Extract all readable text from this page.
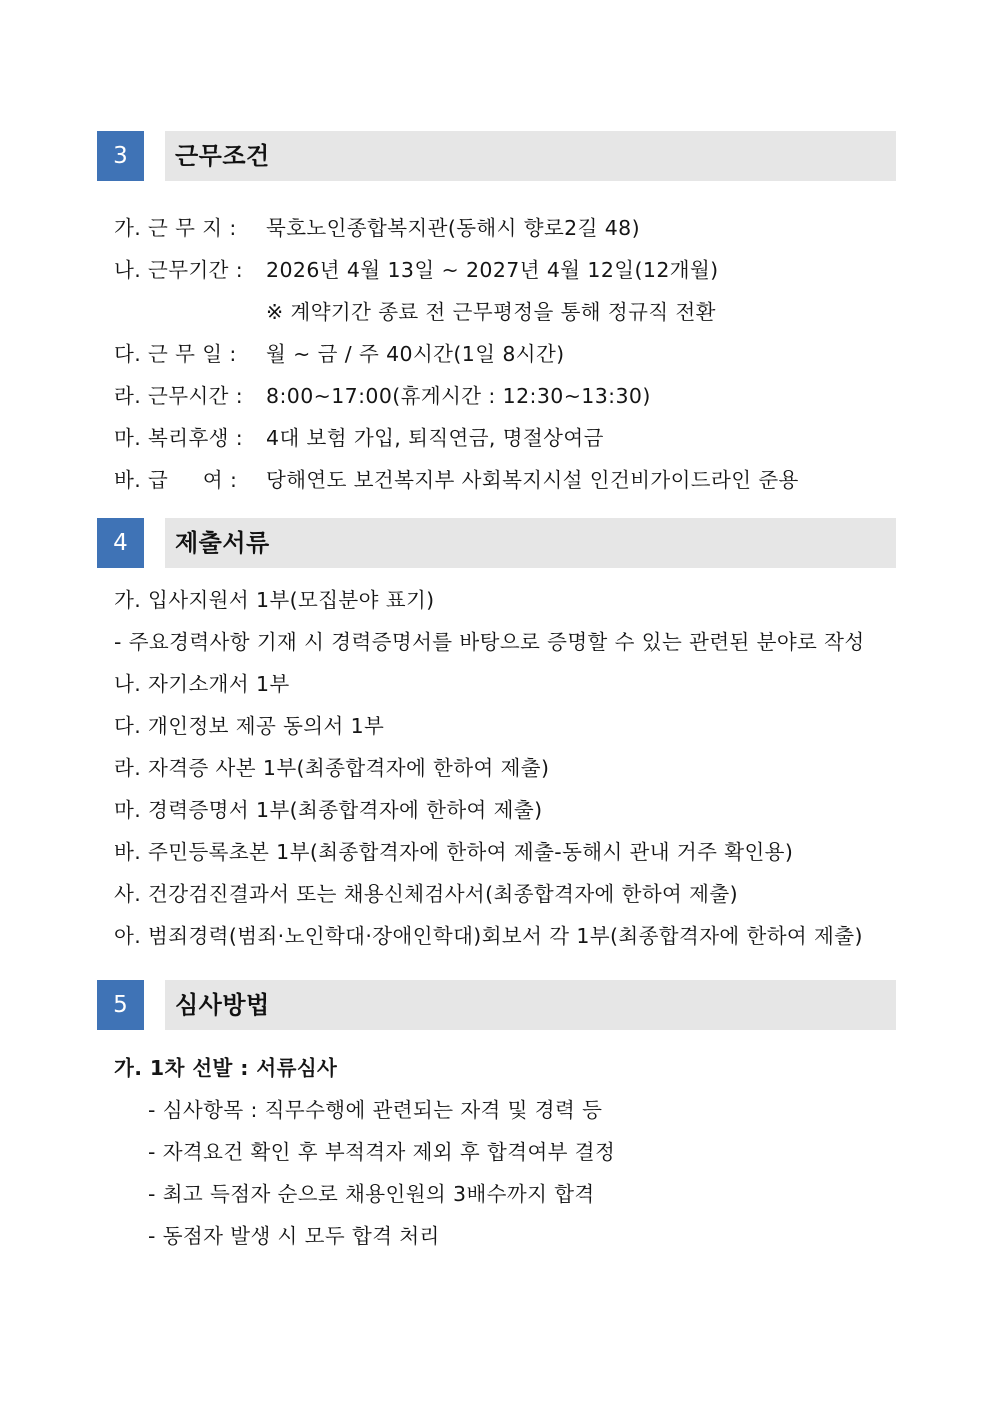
3	근무조건
가. 근 무 지 : 묵호노인종합복지관(동해시 향로2길 48)
나. 근무기간 : 2026년 4월 13일 ~ 2027년 4월 12일(12개월)
※ 계약기간 종료 전 근무평정을 통해 정규직 전환
다. 근 무 일 : 월 ~ 금 / 주 40시간(1일 8시간)
라. 근무시간 : 8:00~17:00(휴게시간 : 12:30~13:30)
마. 복리후생 : 4대 보험 가입, 퇴직연금, 명절상여금
바. 급     여 : 당해연도 보건복지부 사회복지시설 인건비가이드라인 준용
4	제출서류
가. 입사지원서 1부(모집분야 표기)
- 주요경력사항 기재 시 경력증명서를 바탕으로 증명할 수 있는 관련된 분야로 작성
나. 자기소개서 1부
다. 개인정보 제공 동의서 1부
라. 자격증 사본 1부(최종합격자에 한하여 제출)
마. 경력증명서 1부(최종합격자에 한하여 제출)
바. 주민등록초본 1부(최종합격자에 한하여 제출-동해시 관내 거주 확인용)
사. 건강검진결과서 또는 채용신체검사서(최종합격자에 한하여 제출)
아. 범죄경력(범죄·노인학대·장애인학대)회보서 각 1부(최종합격자에 한하여 제출)
5	심사방법
가. 1차 선발 : 서류심사
- 심사항목 : 직무수행에 관련되는 자격 및 경력 등
- 자격요건 확인 후 부적격자 제외 후 합격여부 결정
- 최고 득점자 순으로 채용인원의 3배수까지 합격
- 동점자 발생 시 모두 합격 처리
